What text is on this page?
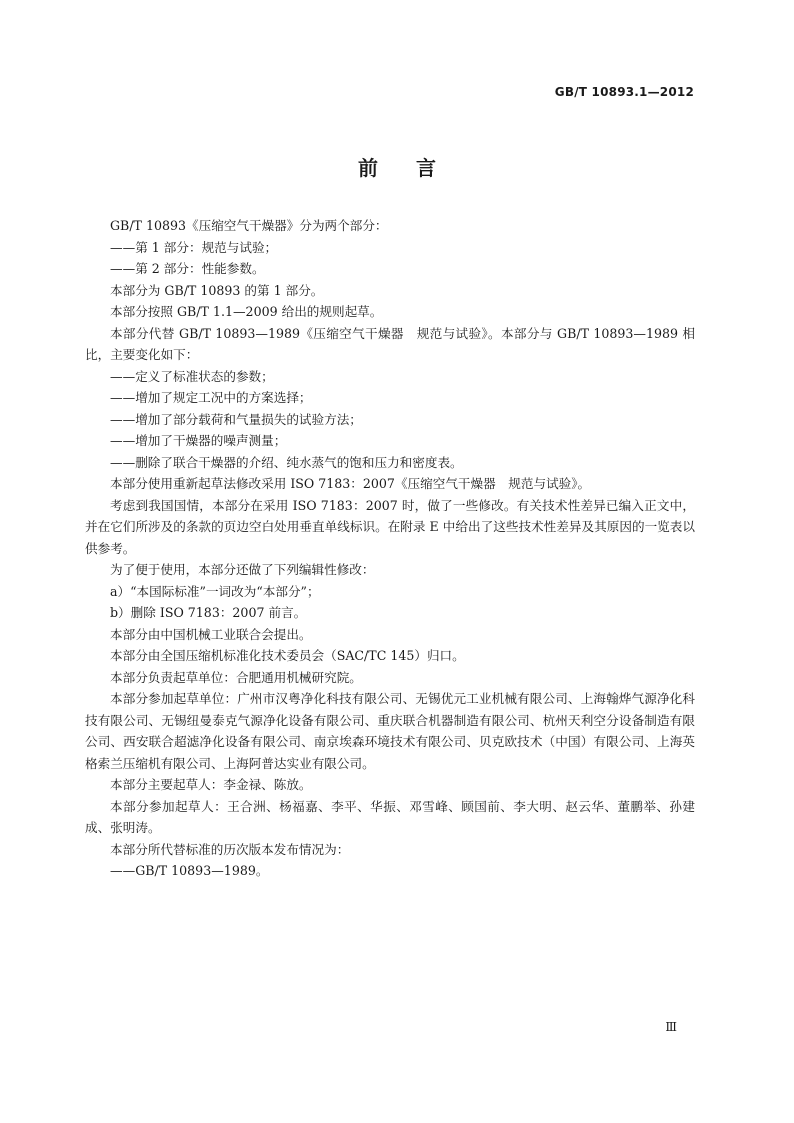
GB/T 10893.1—2012
前言

GB/T 10893《压缩空气干燥器》分为两个部分：

——第 1 部分：规范与试验；

——第 2 部分：性能参数。

本部分为 GB/T 10893 的第 1 部分。

本部分按照 GB/T 1.1—2009 给出的规则起草。

本部分代替 GB/T 10893—1989《压缩空气干燥器　规范与试验》。本部分与 GB/T 10893—1989 相比，主要变化如下：

——定义了标准状态的参数；

——增加了规定工况中的方案选择；

——增加了部分载荷和气量损失的试验方法；

——增加了干燥器的噪声测量；

——删除了联合干燥器的介绍、纯水蒸气的饱和压力和密度表。

本部分使用重新起草法修改采用 ISO 7183：2007《压缩空气干燥器　规范与试验》。

考虑到我国国情，本部分在采用 ISO 7183：2007 时，做了一些修改。有关技术性差异已编入正文中，并在它们所涉及的条款的页边空白处用垂直单线标识。在附录 E 中给出了这些技术性差异及其原因的一览表以供参考。

为了便于使用，本部分还做了下列编辑性修改：

a）“本国际标准”一词改为“本部分”；

b）删除 ISO 7183：2007 前言。

本部分由中国机械工业联合会提出。

本部分由全国压缩机标准化技术委员会（SAC/TC 145）归口。

本部分负责起草单位：合肥通用机械研究院。

本部分参加起草单位：广州市汉粤净化科技有限公司、无锡优元工业机械有限公司、上海翰烨气源净化科技有限公司、无锡纽曼泰克气源净化设备有限公司、重庆联合机器制造有限公司、杭州天利空分设备制造有限公司、西安联合超滤净化设备有限公司、南京埃森环境技术有限公司、贝克欧技术（中国）有限公司、上海英格索兰压缩机有限公司、上海阿普达实业有限公司。

本部分主要起草人：李金禄、陈放。

本部分参加起草人：王合洲、杨福嘉、李平、华振、邓雪峰、顾国前、李大明、赵云华、董鹏举、孙建成、张明涛。

本部分所代替标准的历次版本发布情况为：

——GB/T 10893—1989。

Ⅲ
